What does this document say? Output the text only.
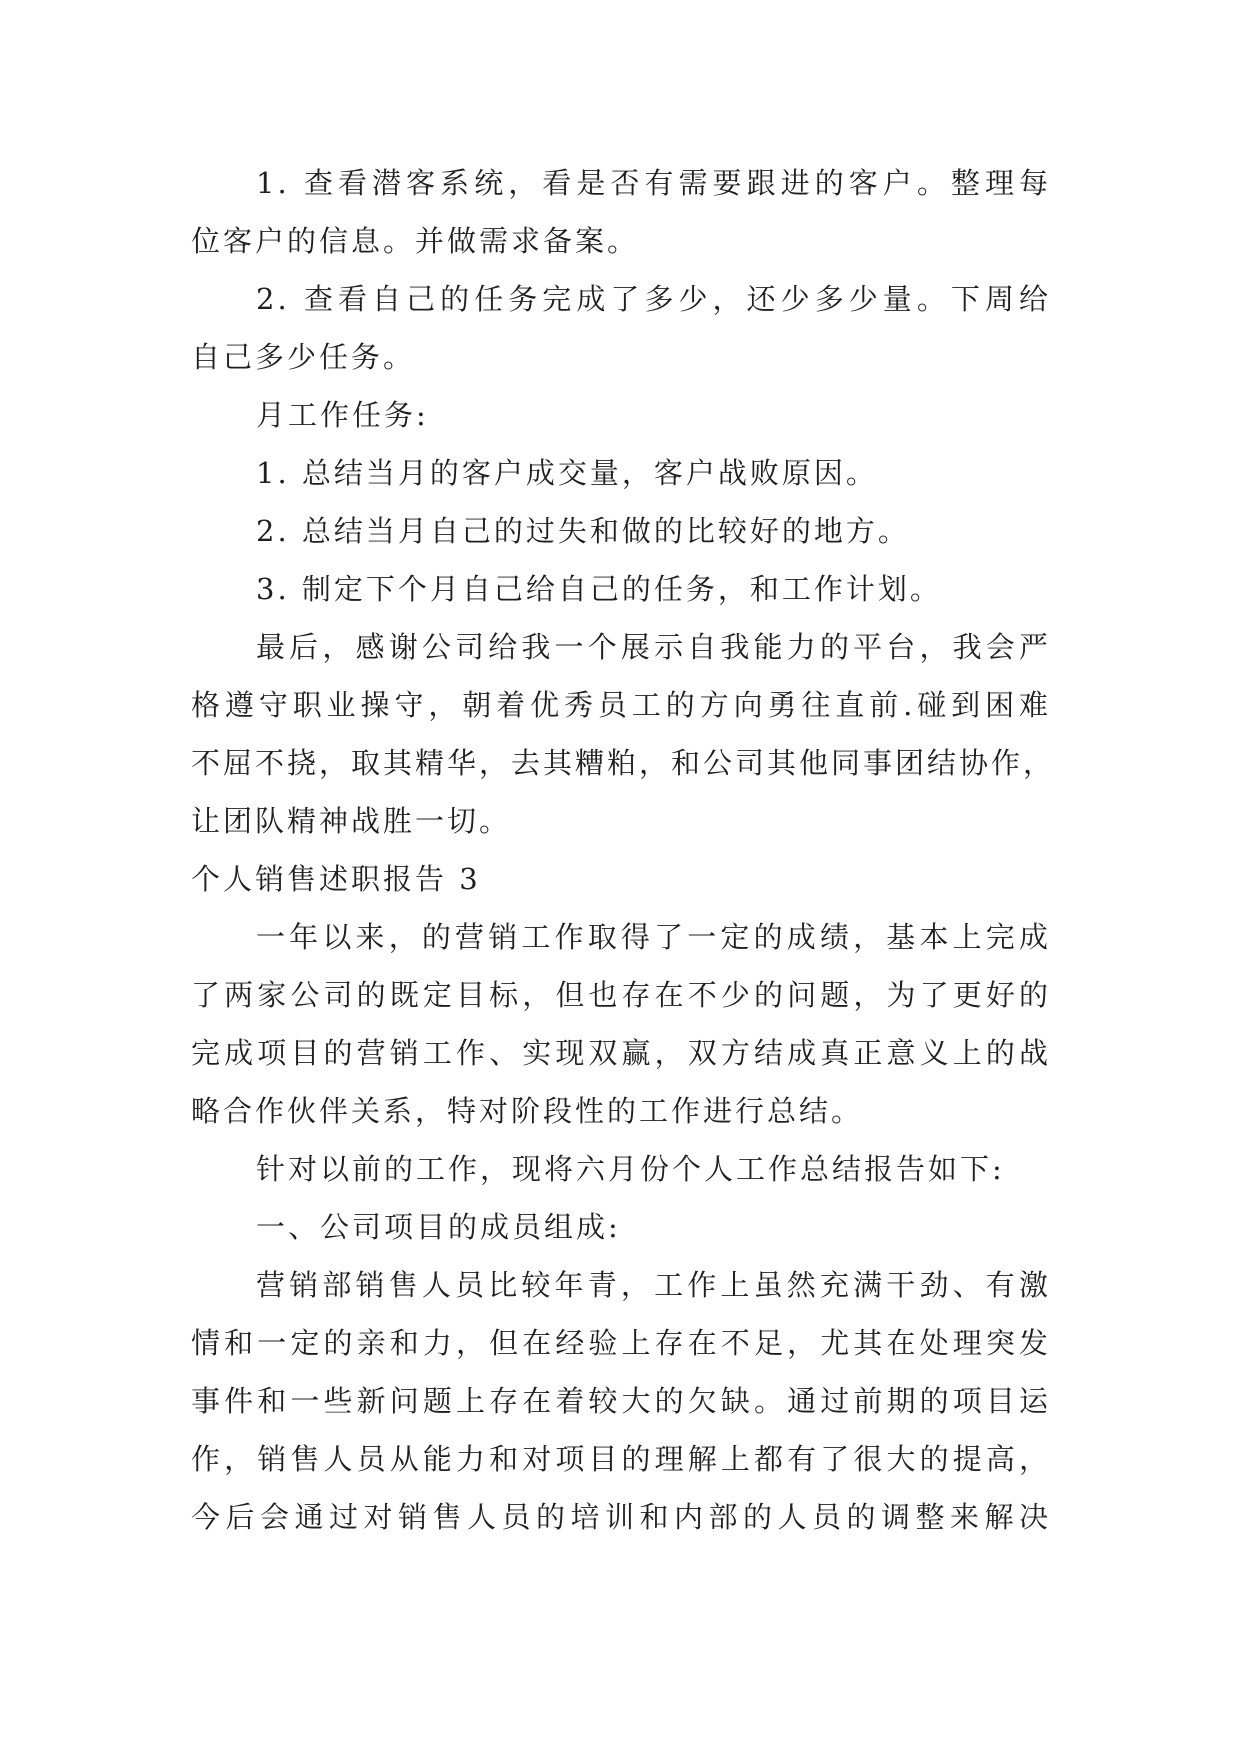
1. 查看潜客系统，看是否有需要跟进的客户。整理每
位客户的信息。并做需求备案。
2. 查看自己的任务完成了多少，还少多少量。下周给
自己多少任务。
月工作任务:
1. 总结当月的客户成交量，客户战败原因。
2. 总结当月自己的过失和做的比较好的地方。
3. 制定下个月自己给自己的任务，和工作计划。
最后，感谢公司给我一个展示自我能力的平台，我会严
格遵守职业操守，朝着优秀员工的方向勇往直前.碰到困难
不屈不挠，取其精华，去其糟粕，和公司其他同事团结协作，
让团队精神战胜一切。
个人销售述职报告 3
一年以来，的营销工作取得了一定的成绩，基本上完成
了两家公司的既定目标，但也存在不少的问题，为了更好的
完成项目的营销工作、实现双赢，双方结成真正意义上的战
略合作伙伴关系，特对阶段性的工作进行总结。
针对以前的工作，现将六月份个人工作总结报告如下:
一、公司项目的成员组成:
营销部销售人员比较年青，工作上虽然充满干劲、有激
情和一定的亲和力，但在经验上存在不足，尤其在处理突发
事件和一些新问题上存在着较大的欠缺。通过前期的项目运
作，销售人员从能力和对项目的理解上都有了很大的提高，
今后会通过对销售人员的培训和内部的人员的调整来解决
